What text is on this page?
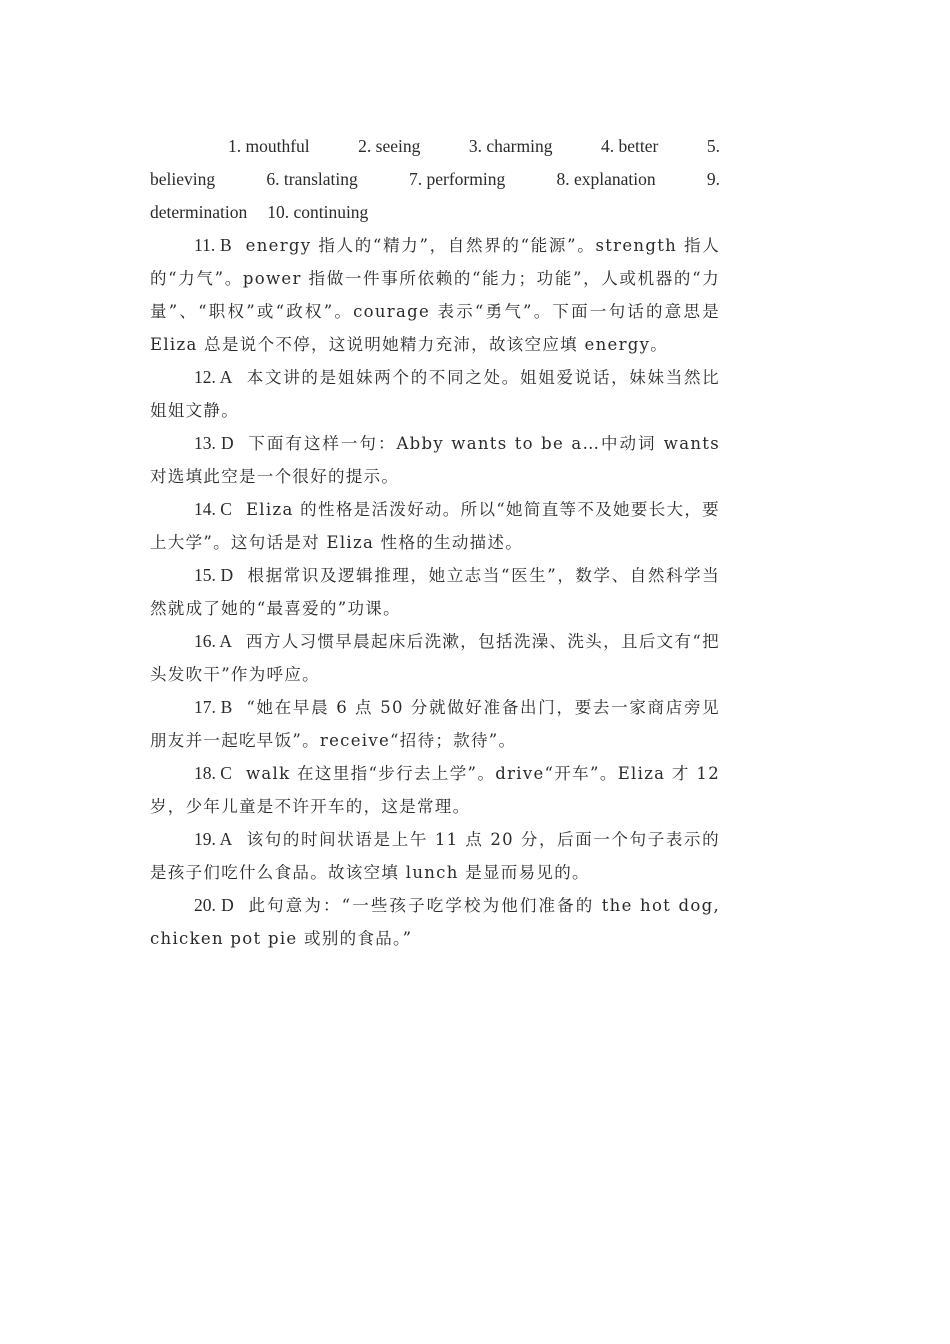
1. mouthful	2. seeing	3. charming	4. better	5.

believing	6. translating	7. performing	8. explanation	9.

determination 10. continuing

11. B energy 指人的“精力”，自然界的“能源”。strength 指人的“力气”。power 指做一件事所依赖的“能力；功能”，人或机器的“力量”、“职权”或“政权”。courage 表示“勇气”。下面一句话的意思是 Eliza 总是说个不停，这说明她精力充沛，故该空应填 energy。

12. A 本文讲的是姐妹两个的不同之处。姐姐爱说话，妹妹当然比姐姐文静。

13. D 下面有这样一句：Abby wants to be a…中动词 wants 对选填此空是一个很好的提示。

14. C Eliza 的性格是活泼好动。所以“她简直等不及她要长大，要上大学”。这句话是对 Eliza 性格的生动描述。

15. D 根据常识及逻辑推理，她立志当“医生”，数学、自然科学当然就成了她的“最喜爱的”功课。

16. A 西方人习惯早晨起床后洗漱，包括洗澡、洗头，且后文有“把头发吹干”作为呼应。

17. B “她在早晨 6 点 50 分就做好准备出门，要去一家商店旁见朋友并一起吃早饭”。receive“招待；款待”。

18. C walk 在这里指“步行去上学”。drive“开车”。Eliza 才 12 岁，少年儿童是不许开车的，这是常理。

19. A 该句的时间状语是上午 11 点 20 分，后面一个句子表示的是孩子们吃什么食品。故该空填 lunch 是显而易见的。

20. D 此句意为：“一些孩子吃学校为他们准备的 the hot dog, chicken pot pie 或别的食品。”
